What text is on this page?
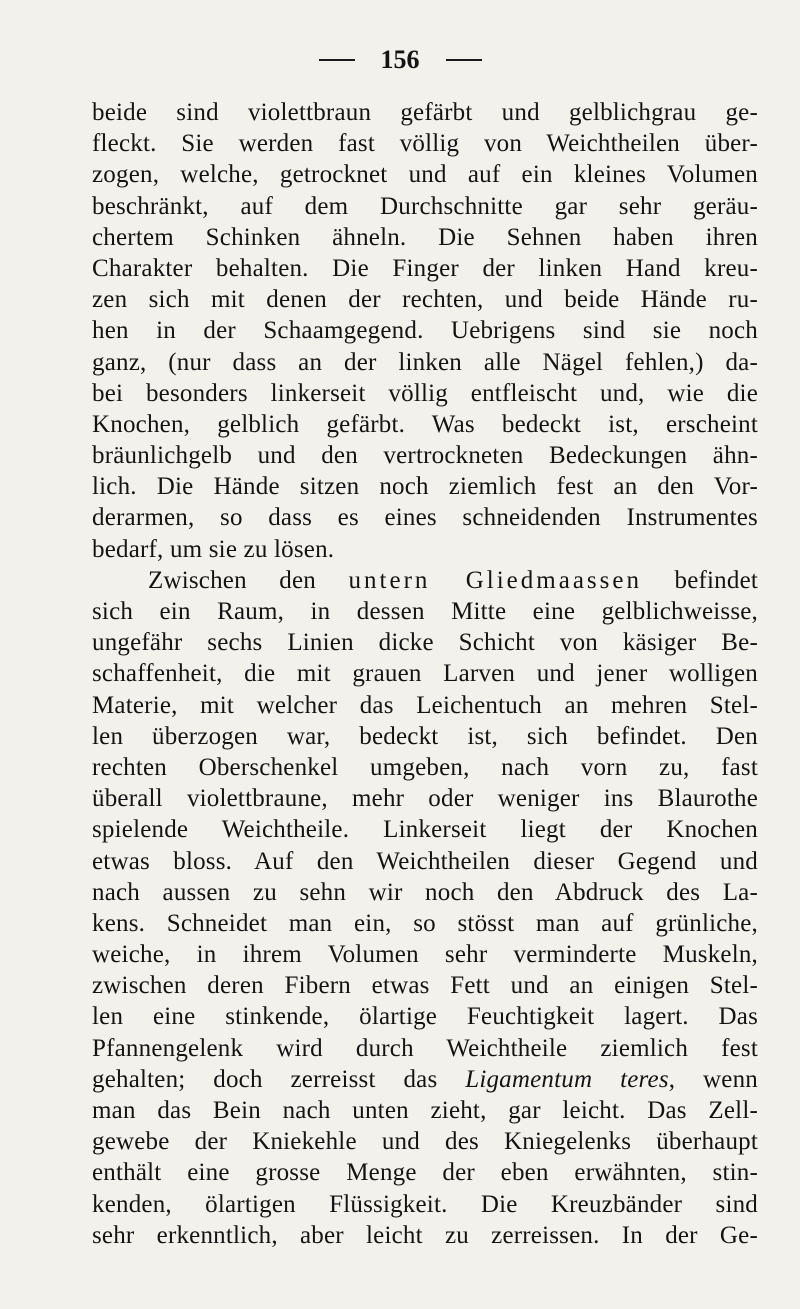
156
beide sind violettbraun gefärbt und gelblichgrau ge-
fleckt. Sie werden fast völlig von Weichtheilen über-
zogen, welche, getrocknet und auf ein kleines Volumen
beschränkt, auf dem Durchschnitte gar sehr geräu-
chertem Schinken ähneln. Die Sehnen haben ihren
Charakter behalten. Die Finger der linken Hand kreu-
zen sich mit denen der rechten, und beide Hände ru-
hen in der Schaamgegend. Uebrigens sind sie noch
ganz, (nur dass an der linken alle Nägel fehlen,) da-
bei besonders linkerseit völlig entfleischt und, wie die
Knochen, gelblich gefärbt. Was bedeckt ist, erscheint
bräunlichgelb und den vertrockneten Bedeckungen ähn-
lich. Die Hände sitzen noch ziemlich fest an den Vor-
derarmen, so dass es eines schneidenden Instrumentes
bedarf, um sie zu lösen.
Zwischen den untern Gliedmaassen befindet
sich ein Raum, in dessen Mitte eine gelblichweisse,
ungefähr sechs Linien dicke Schicht von käsiger Be-
schaffenheit, die mit grauen Larven und jener wolligen
Materie, mit welcher das Leichentuch an mehren Stel-
len überzogen war, bedeckt ist, sich befindet. Den
rechten Oberschenkel umgeben, nach vorn zu, fast
überall violettbraune, mehr oder weniger ins Blaurothe
spielende Weichtheile. Linkerseit liegt der Knochen
etwas bloss. Auf den Weichtheilen dieser Gegend und
nach aussen zu sehn wir noch den Abdruck des La-
kens. Schneidet man ein, so stösst man auf grünliche,
weiche, in ihrem Volumen sehr verminderte Muskeln,
zwischen deren Fibern etwas Fett und an einigen Stel-
len eine stinkende, ölartige Feuchtigkeit lagert. Das
Pfannengelenk wird durch Weichtheile ziemlich fest
gehalten; doch zerreisst das Ligamentum teres, wenn
man das Bein nach unten zieht, gar leicht. Das Zell-
gewebe der Kniekehle und des Kniegelenks überhaupt
enthält eine grosse Menge der eben erwähnten, stin-
kenden, ölartigen Flüssigkeit. Die Kreuzbänder sind
sehr erkenntlich, aber leicht zu zerreissen. In der Ge-
